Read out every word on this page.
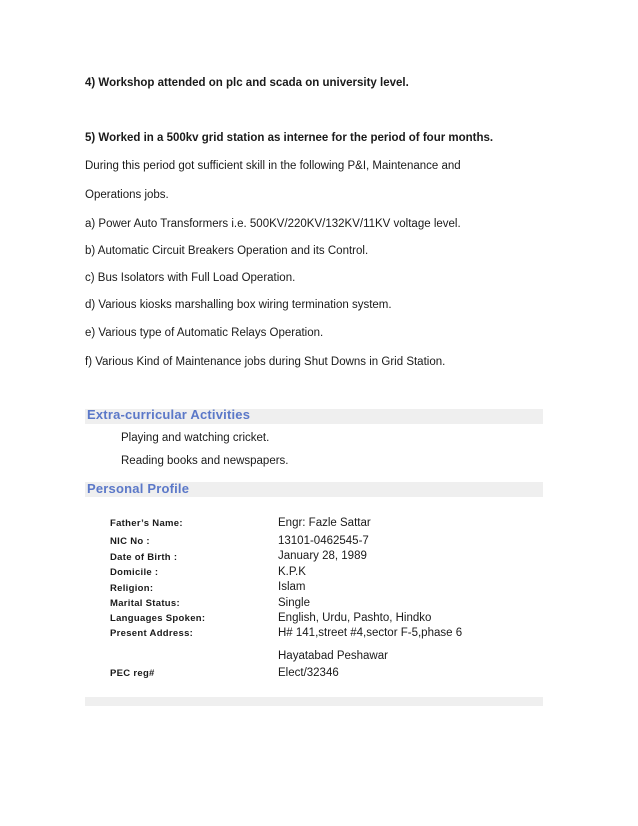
4) Workshop attended on plc and scada on university level.
5) Worked in a 500kv grid station as internee for the period of four months.
During this period got sufficient skill in the following P&I, Maintenance and
Operations jobs.
a) Power Auto Transformers i.e. 500KV/220KV/132KV/11KV voltage level.
b) Automatic Circuit Breakers Operation and its Control.
c) Bus Isolators with Full Load Operation.
d) Various kiosks marshalling box wiring termination system.
e) Various type of Automatic Relays Operation.
f) Various Kind of Maintenance jobs during Shut Downs in Grid Station.
Extra-curricular Activities
Playing and watching cricket.
Reading books and newspapers.
Personal Profile
Father’s Name:	Engr: Fazle Sattar
NIC No :	13101-0462545-7
Date of Birth :	January 28, 1989
Domicile :	K.P.K
Religion:	Islam
Marital Status:	Single
Languages Spoken:	English, Urdu, Pashto, Hindko
Present Address:	H# 141,street #4,sector F-5,phase 6
Hayatabad Peshawar
PEC reg#	Elect/32346
